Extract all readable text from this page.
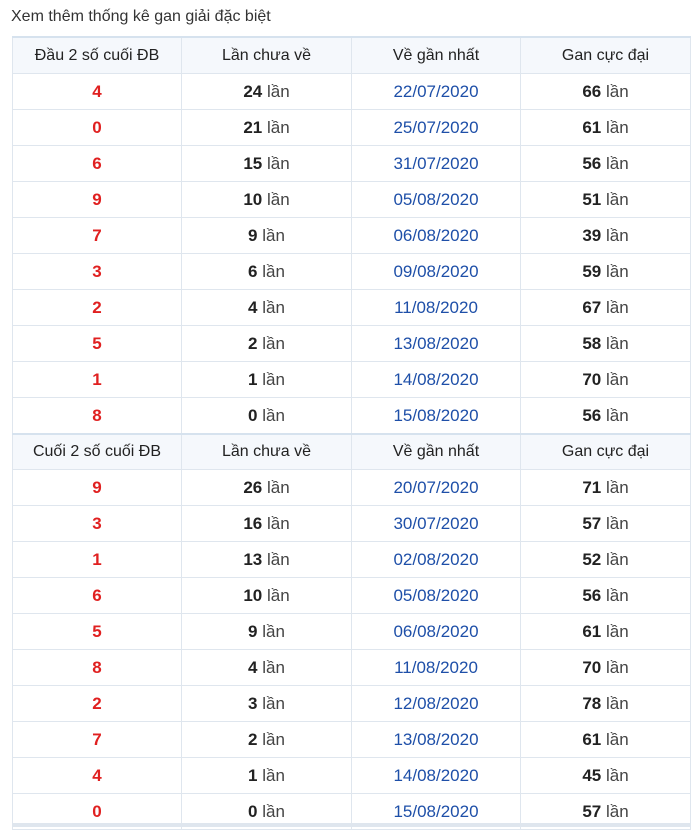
Xem thêm thống kê gan giải đặc biệt
Đầu 2 số cuối ĐB	Lần chưa về	Về gần nhất	Gan cực đại
4	24 lần	22/07/2020	66 lần
0	21 lần	25/07/2020	61 lần
6	15 lần	31/07/2020	56 lần
9	10 lần	05/08/2020	51 lần
7	9 lần	06/08/2020	39 lần
3	6 lần	09/08/2020	59 lần
2	4 lần	11/08/2020	67 lần
5	2 lần	13/08/2020	58 lần
1	1 lần	14/08/2020	70 lần
8	0 lần	15/08/2020	56 lần
Cuối 2 số cuối ĐB	Lần chưa về	Về gần nhất	Gan cực đại
9	26 lần	20/07/2020	71 lần
3	16 lần	30/07/2020	57 lần
1	13 lần	02/08/2020	52 lần
6	10 lần	05/08/2020	56 lần
5	9 lần	06/08/2020	61 lần
8	4 lần	11/08/2020	70 lần
2	3 lần	12/08/2020	78 lần
7	2 lần	13/08/2020	61 lần
4	1 lần	14/08/2020	45 lần
0	0 lần	15/08/2020	57 lần
